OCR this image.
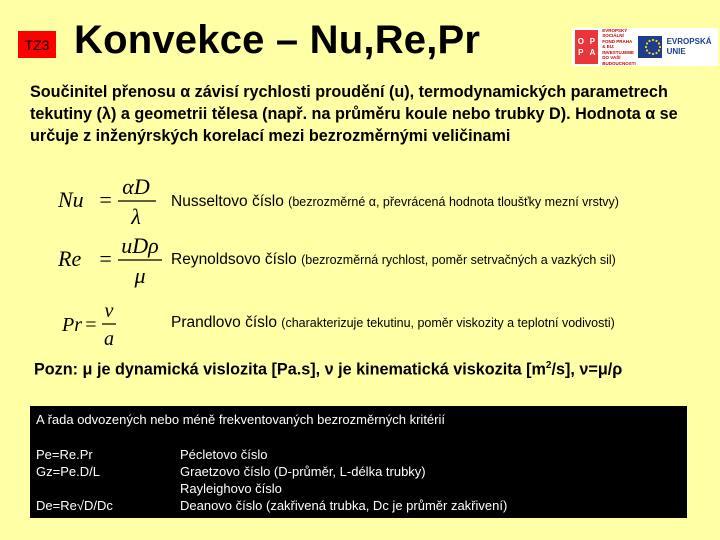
TZ3 Konvekce – Nu,Re,Pr	O P
P A
EVROPSKÝ SOCIÁLNÍ FOND PRAHA & EU: INVESTUJEME DO VAŠÍ BUDOUCNOSTI
EVROPSKÁ UNIE
Součinitel přenosu α závisí rychlosti proudění (u), termodynamických parametrech tekutiny (λ) a geometrii tělesa (např. na průměru koule nebo trubky D). Hodnota α se určuje z inženýrských korelací mezi bezrozměrnými veličinami
Nu =
αD
λ
Nusseltovo číslo (bezrozměrné α, převrácená hodnota tloušťky mezní vrstvy)
Re =
uDρ
μ
Reynoldsovo číslo (bezrozměrná rychlost, poměr setrvačných a vazkých sil)
Pr =
ν
a
Prandlovo číslo (charakterizuje tekutinu, poměr viskozity a teplotní vodivosti)
Pozn: μ je dynamická vislozita [Pa.s], ν je kinematická viskozita $[m^2/s]$, ν=μ/ρ
A řada odvozených nebo méně frekventovaných bezrozměrných kritérií
Pe=Re.Pr
Gz=Pe.D/L
De=Re√D/Dc
Pécletovo číslo
Graetzovo číslo (D-průměr, L-délka trubky)
Rayleighovo číslo
Deanovo číslo (zakřivená trubka, Dc je průměr zakřivení)
